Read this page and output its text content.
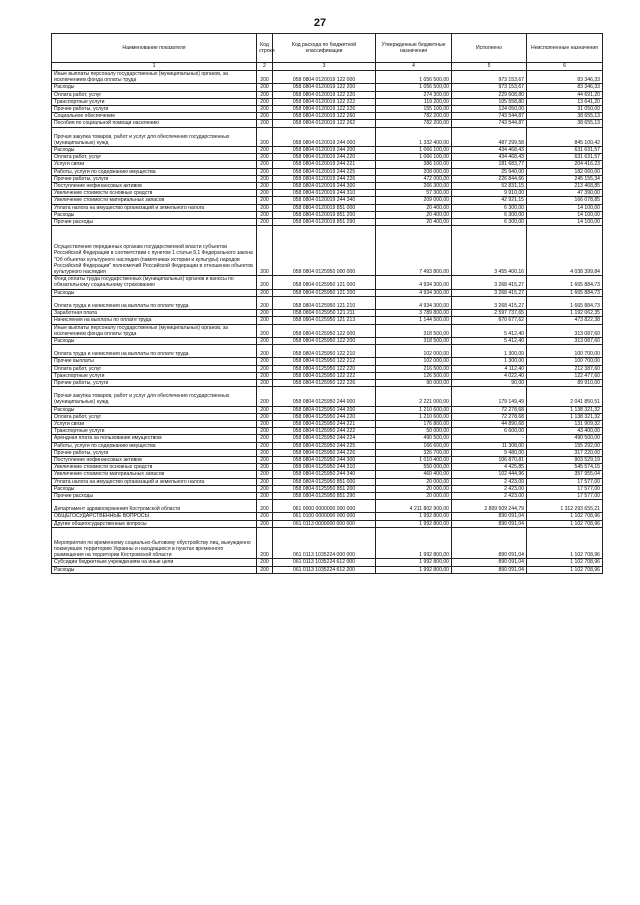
27
Наименование показателя	Код строки	Код расхода по бюджетной классификации	Утвержденные бюджетные назначения	Исполнено	Неисполненные назначения
1	2	3	4	5	6
Иные выплаты персоналу государственных (муниципальных) органов, за исключением фонда оплаты труда	200	058 0804 0120019 122 000	1 056 500,00	973 153,67	83 346,33
Расходы	200	058 0804 0120019 122 200	1 056 500,00	973 153,67	83 346,33
Оплата работ, услуг	200	058 0804 0120019 122 220	274 300,00	229 608,80	44 691,20
Транспортные услуги	200	058 0804 0120019 122 222	119 200,00	105 558,80	13 641,20
Прочие работы, услуги	200	058 0804 0120019 122 226	155 100,00	124 050,00	31 050,00
Социальное обеспечение	200	058 0804 0120019 122 260	782 200,00	743 544,87	38 655,13
Пособия по социальной помощи населению	200	058 0804 0120019 122 262	782 200,00	743 544,87	38 655,13

Прочая закупка товаров, работ и услуг для обеспечения государственных (муниципальных) нужд	200	058 0804 0120019 244 000	1 332 400,00	487 299,58	845 100,42
Расходы	200	058 0804 0120019 244 200	1 066 100,00	434 468,43	631 631,57
Оплата работ, услуг	200	058 0804 0120019 244 220	1 066 100,00	434 468,43	631 631,57
Услуги связи	200	058 0804 0120019 244 221	386 100,00	181 683,77	204 416,23
Работы, услуги по содержанию имущества	200	058 0804 0120019 244 225	208 000,00	25 940,00	182 060,00
Прочие работы, услуги	200	058 0804 0120019 244 226	472 000,00	226 844,66	245 155,34
Поступление нефинансовых активов	200	058 0804 0120019 244 300	266 300,00	52 831,15	213 468,85
Увеличение стоимости основных средств	200	058 0804 0120019 244 310	57 300,00	9 910,00	47 390,00
Увеличение стоимости материальных запасов	200	058 0804 0120019 244 340	209 000,00	42 921,15	166 078,85
Уплата налога на имущество организаций и земельного налога	200	058 0804 0120019 851 000	20 400,00	6 300,00	14 100,00
Расходы	200	058 0804 0120019 851 200	20 400,00	6 300,00	14 100,00
Прочие расходы	200	058 0804 0120019 851 290	20 400,00	6 300,00	14 100,00

Осуществление переданных органам государственной власти субъектов Российской Федерации в соответствии с пунктом 1 статьи 9.1 Федерального закона "Об объектах культурного наследия (памятниках истории и культуры) народов Российской Федерации" полномочий Российской Федерации в отношении объектов культурного наследия	200	058 0804 0125950 000 000	7 493 800,00	3 455 400,16	4 038 399,84
Фонд оплаты труда государственных (муниципальных) органов и взносы по обязательному социальному страхованию	200	058 0804 0125950 121 000	4 934 300,00	3 268 415,27	1 665 884,73
Расходы	200	058 0804 0125950 121 200	4 934 300,00	3 268 415,27	1 665 884,73

Оплата труда и начисления на выплаты по оплате труда	200	058 0804 0125950 121 210	4 934 300,00	3 268 415,27	1 665 884,73
Заработная плата	200	058 0804 0125950 121 211	3 789 800,00	2 597 737,65	1 192 062,35
Начисления на выплаты по оплате труда	200	058 0804 0125950 121 213	1 144 500,00	670 677,62	473 822,38
Иные выплаты персоналу государственных (муниципальных) органов, за исключением фонда оплаты труда	200	058 0804 0125950 122 000	318 500,00	5 412,40	313 087,60
Расходы	200	058 0804 0125950 122 200	318 500,00	5 412,40	313 087,60

Оплата труда и начисления на выплаты по оплате труда	200	058 0804 0125950 122 210	102 000,00	1 300,00	100 700,00
Прочие выплаты	200	058 0804 0125950 122 212	102 000,00	1 300,00	100 700,00
Оплата работ, услуг	200	058 0804 0125950 122 220	216 500,00	4 112,40	212 387,60
Транспортные услуги	200	058 0804 0125950 122 222	126 500,00	4 022,40	122 477,60
Прочие работы, услуги	200	058 0804 0125950 122 226	90 000,00	90,00	89 910,00

Прочая закупка товаров, работ и услуг для обеспечения государственных (муниципальных) нужд	200	058 0804 0125950 244 000	2 221 000,00	179 149,49	2 041 850,51
Расходы	200	058 0804 0125950 244 200	1 210 600,00	72 278,68	1 138 321,32
Оплата работ, услуг	200	058 0804 0125950 244 220	1 210 600,00	72 278,68	1 138 321,32
Услуги связи	200	058 0804 0125950 244 221	176 800,00	44 890,68	131 909,32
Транспортные услуги	200	058 0804 0125950 244 222	50 000,00	6 600,00	43 400,00
Арендная плата за пользование имуществом	200	058 0804 0125950 244 224	490 500,00	-	490 500,00
Работы, услуги по содержанию имущества	200	058 0804 0125950 244 225	166 600,00	11 308,00	155 292,00
Прочие работы, услуги	200	058 0804 0125950 244 226	326 700,00	9 480,00	317 220,00
Поступление нефинансовых активов	200	058 0804 0125950 244 300	1 010 400,00	106 870,81	903 529,19
Увеличение стоимости основных средств	200	058 0804 0125950 244 310	550 000,00	4 425,85	545 574,15
Увеличение стоимости материальных запасов	200	058 0804 0125950 244 340	460 400,00	102 444,96	357 955,04
Уплата налога на имущество организаций и земельного налога	200	058 0804 0125950 851 000	20 000,00	2 423,00	17 577,00
Расходы	200	058 0804 0125950 851 200	20 000,00	2 423,00	17 577,00
Прочие расходы	200	058 0804 0125950 851 290	20 000,00	2 423,00	17 577,00

Департамент здравоохранения Костромской области	200	061 0000 0000000 000 000	4 211 802 900,00	2 899 509 244,79	1 312 293 655,21
ОБЩЕГОСУДАРСТВЕННЫЕ ВОПРОСЫ	200	061 0100 0000000 000 000	1 992 800,00	890 091,04	1 102 708,96
Другие общегосударственные вопросы	200	061 0113 0000000 000 000	1 992 800,00	890 091,04	1 102 708,96

Мероприятия по временному социально-бытовому обустройству лиц, вынужденно покинувших территорию Украины и находящихся в пунктах временного размещения на территории Костромской области	200	061 0113 1035224 000 000	1 992 800,00	890 091,04	1 102 708,96
Субсидии бюджетным учреждениям на иные цели	200	061 0113 1035224 612 000	1 992 800,00	890 091,04	1 102 708,96
Расходы	200	061 0113 1035224 612 200	1 992 800,00	890 091,04	1 102 708,96
